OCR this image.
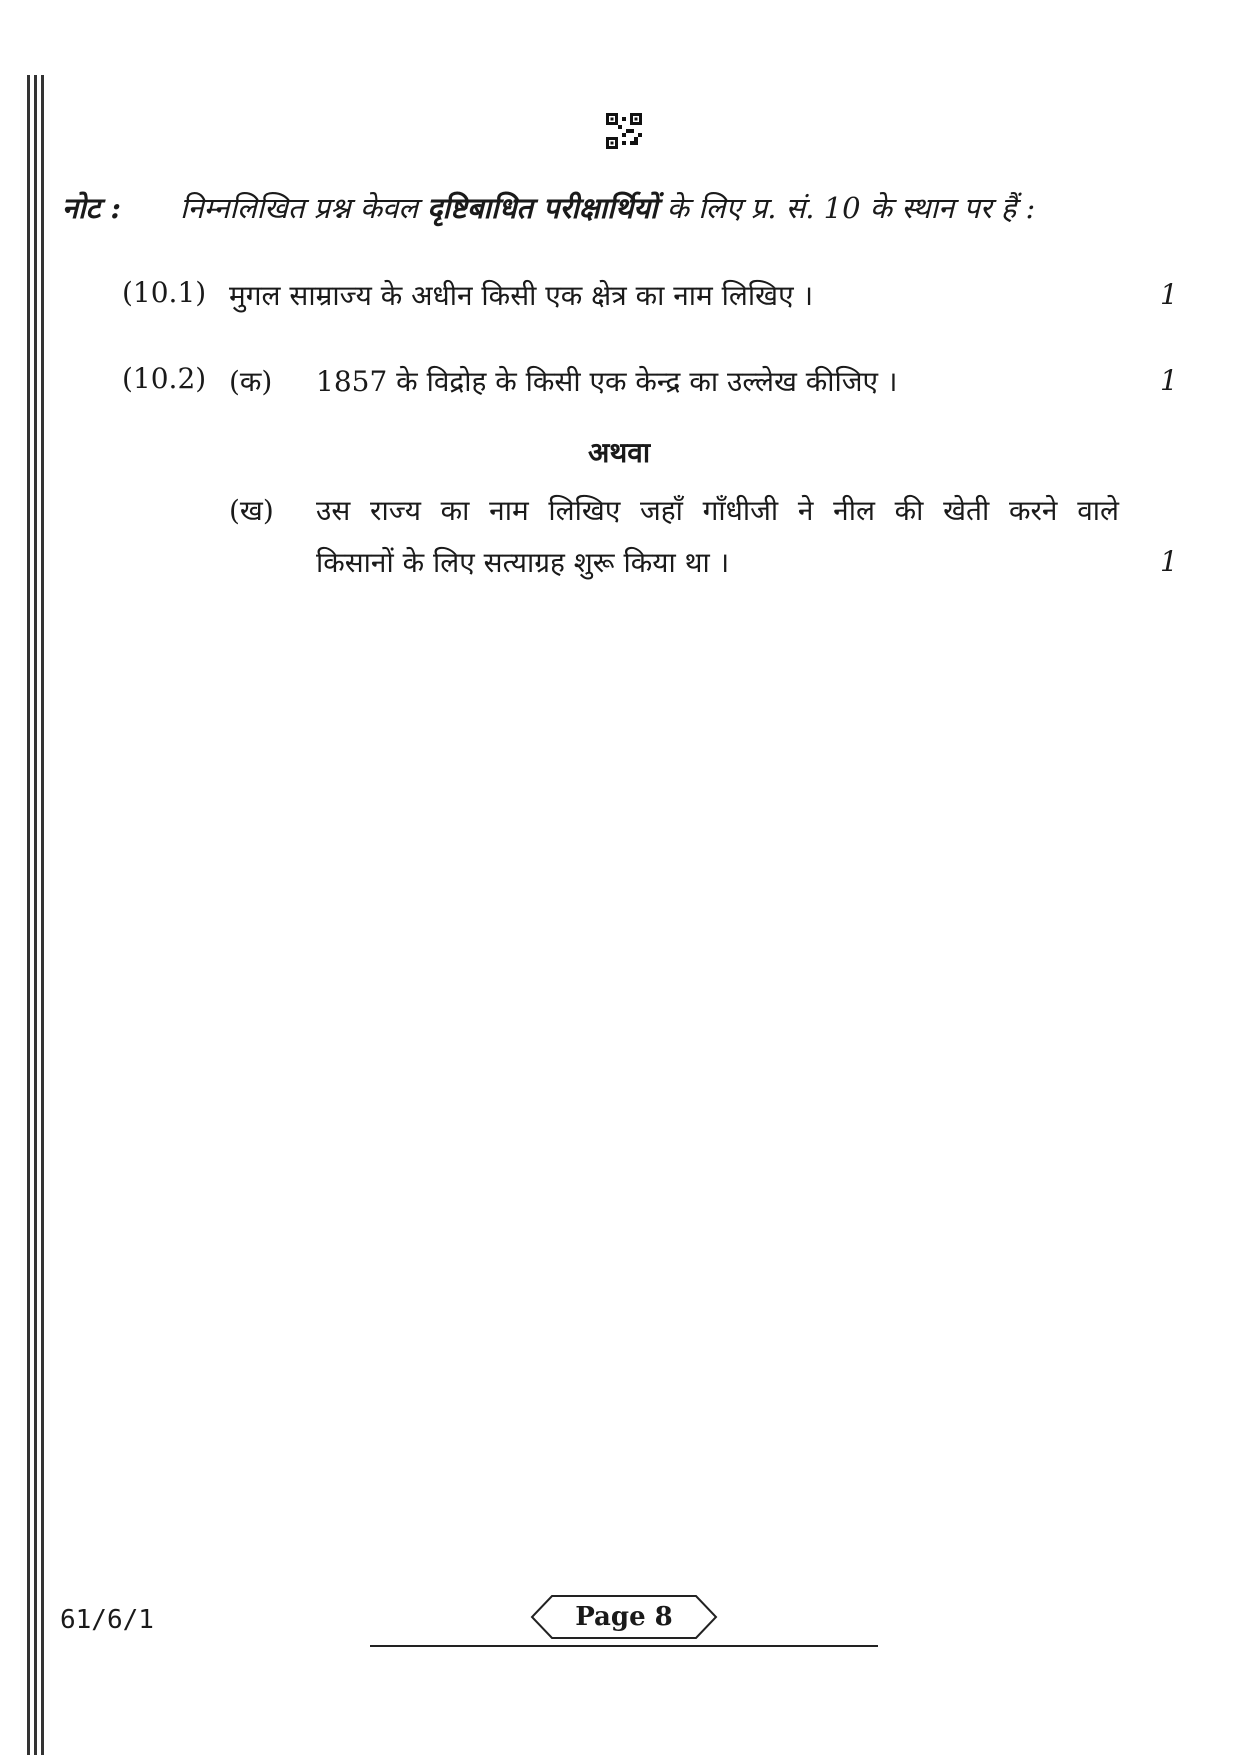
नोट : निम्नलिखित प्रश्न केवल दृष्टिबाधित परीक्षार्थियों के लिए प्र. सं. 10 के स्थान पर हैं :
(10.1) मुगल साम्राज्य के अधीन किसी एक क्षेत्र का नाम लिखिए ।	1
(10.2) (क) 1857 के विद्रोह के किसी एक केन्द्र का उल्लेख कीजिए ।	1
अथवा
(ख) उस राज्य का नाम लिखिए जहाँ गाँधीजी ने नील की खेती करने वाले
किसानों के लिए सत्याग्रह शुरू किया था ।	1
61/6/1	Page 8
